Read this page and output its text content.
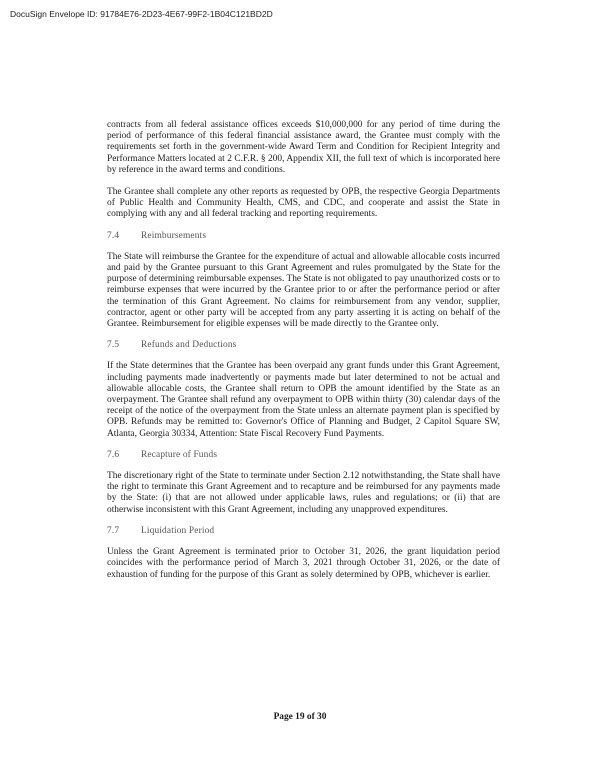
DocuSign Envelope ID: 91784E76-2D23-4E67-99F2-1B04C121BD2D

contracts from all federal assistance offices exceeds $10,000,000 for any period of time during the period of performance of this federal financial assistance award, the Grantee must comply with the requirements set forth in the government-wide Award Term and Condition for Recipient Integrity and Performance Matters located at 2 C.F.R. § 200, Appendix XII, the full text of which is incorporated here by reference in the award terms and conditions.

The Grantee shall complete any other reports as requested by OPB, the respective Georgia Departments of Public Health and Community Health, CMS, and CDC, and cooperate and assist the State in complying with any and all federal tracking and reporting requirements.

7.4	Reimbursements

The State will reimburse the Grantee for the expenditure of actual and allowable allocable costs incurred and paid by the Grantee pursuant to this Grant Agreement and rules promulgated by the State for the purpose of determining reimbursable expenses. The State is not obligated to pay unauthorized costs or to reimburse expenses that were incurred by the Grantee prior to or after the performance period or after the termination of this Grant Agreement. No claims for reimbursement from any vendor, supplier, contractor, agent or other party will be accepted from any party asserting it is acting on behalf of the Grantee. Reimbursement for eligible expenses will be made directly to the Grantee only.

7.5	Refunds and Deductions

If the State determines that the Grantee has been overpaid any grant funds under this Grant Agreement, including payments made inadvertently or payments made but later determined to not be actual and allowable allocable costs, the Grantee shall return to OPB the amount identified by the State as an overpayment. The Grantee shall refund any overpayment to OPB within thirty (30) calendar days of the receipt of the notice of the overpayment from the State unless an alternate payment plan is specified by OPB. Refunds may be remitted to: Governor's Office of Planning and Budget, 2 Capitol Square SW, Atlanta, Georgia 30334, Attention: State Fiscal Recovery Fund Payments.

7.6	Recapture of Funds

The discretionary right of the State to terminate under Section 2.12 notwithstanding, the State shall have the right to terminate this Grant Agreement and to recapture and be reimbursed for any payments made by the State: (i) that are not allowed under applicable laws, rules and regulations; or (ii) that are otherwise inconsistent with this Grant Agreement, including any unapproved expenditures.

7.7	Liquidation Period

Unless the Grant Agreement is terminated prior to October 31, 2026, the grant liquidation period coincides with the performance period of March 3, 2021 through October 31, 2026, or the date of exhaustion of funding for the purpose of this Grant as solely determined by OPB, whichever is earlier.

Page 19 of 30
